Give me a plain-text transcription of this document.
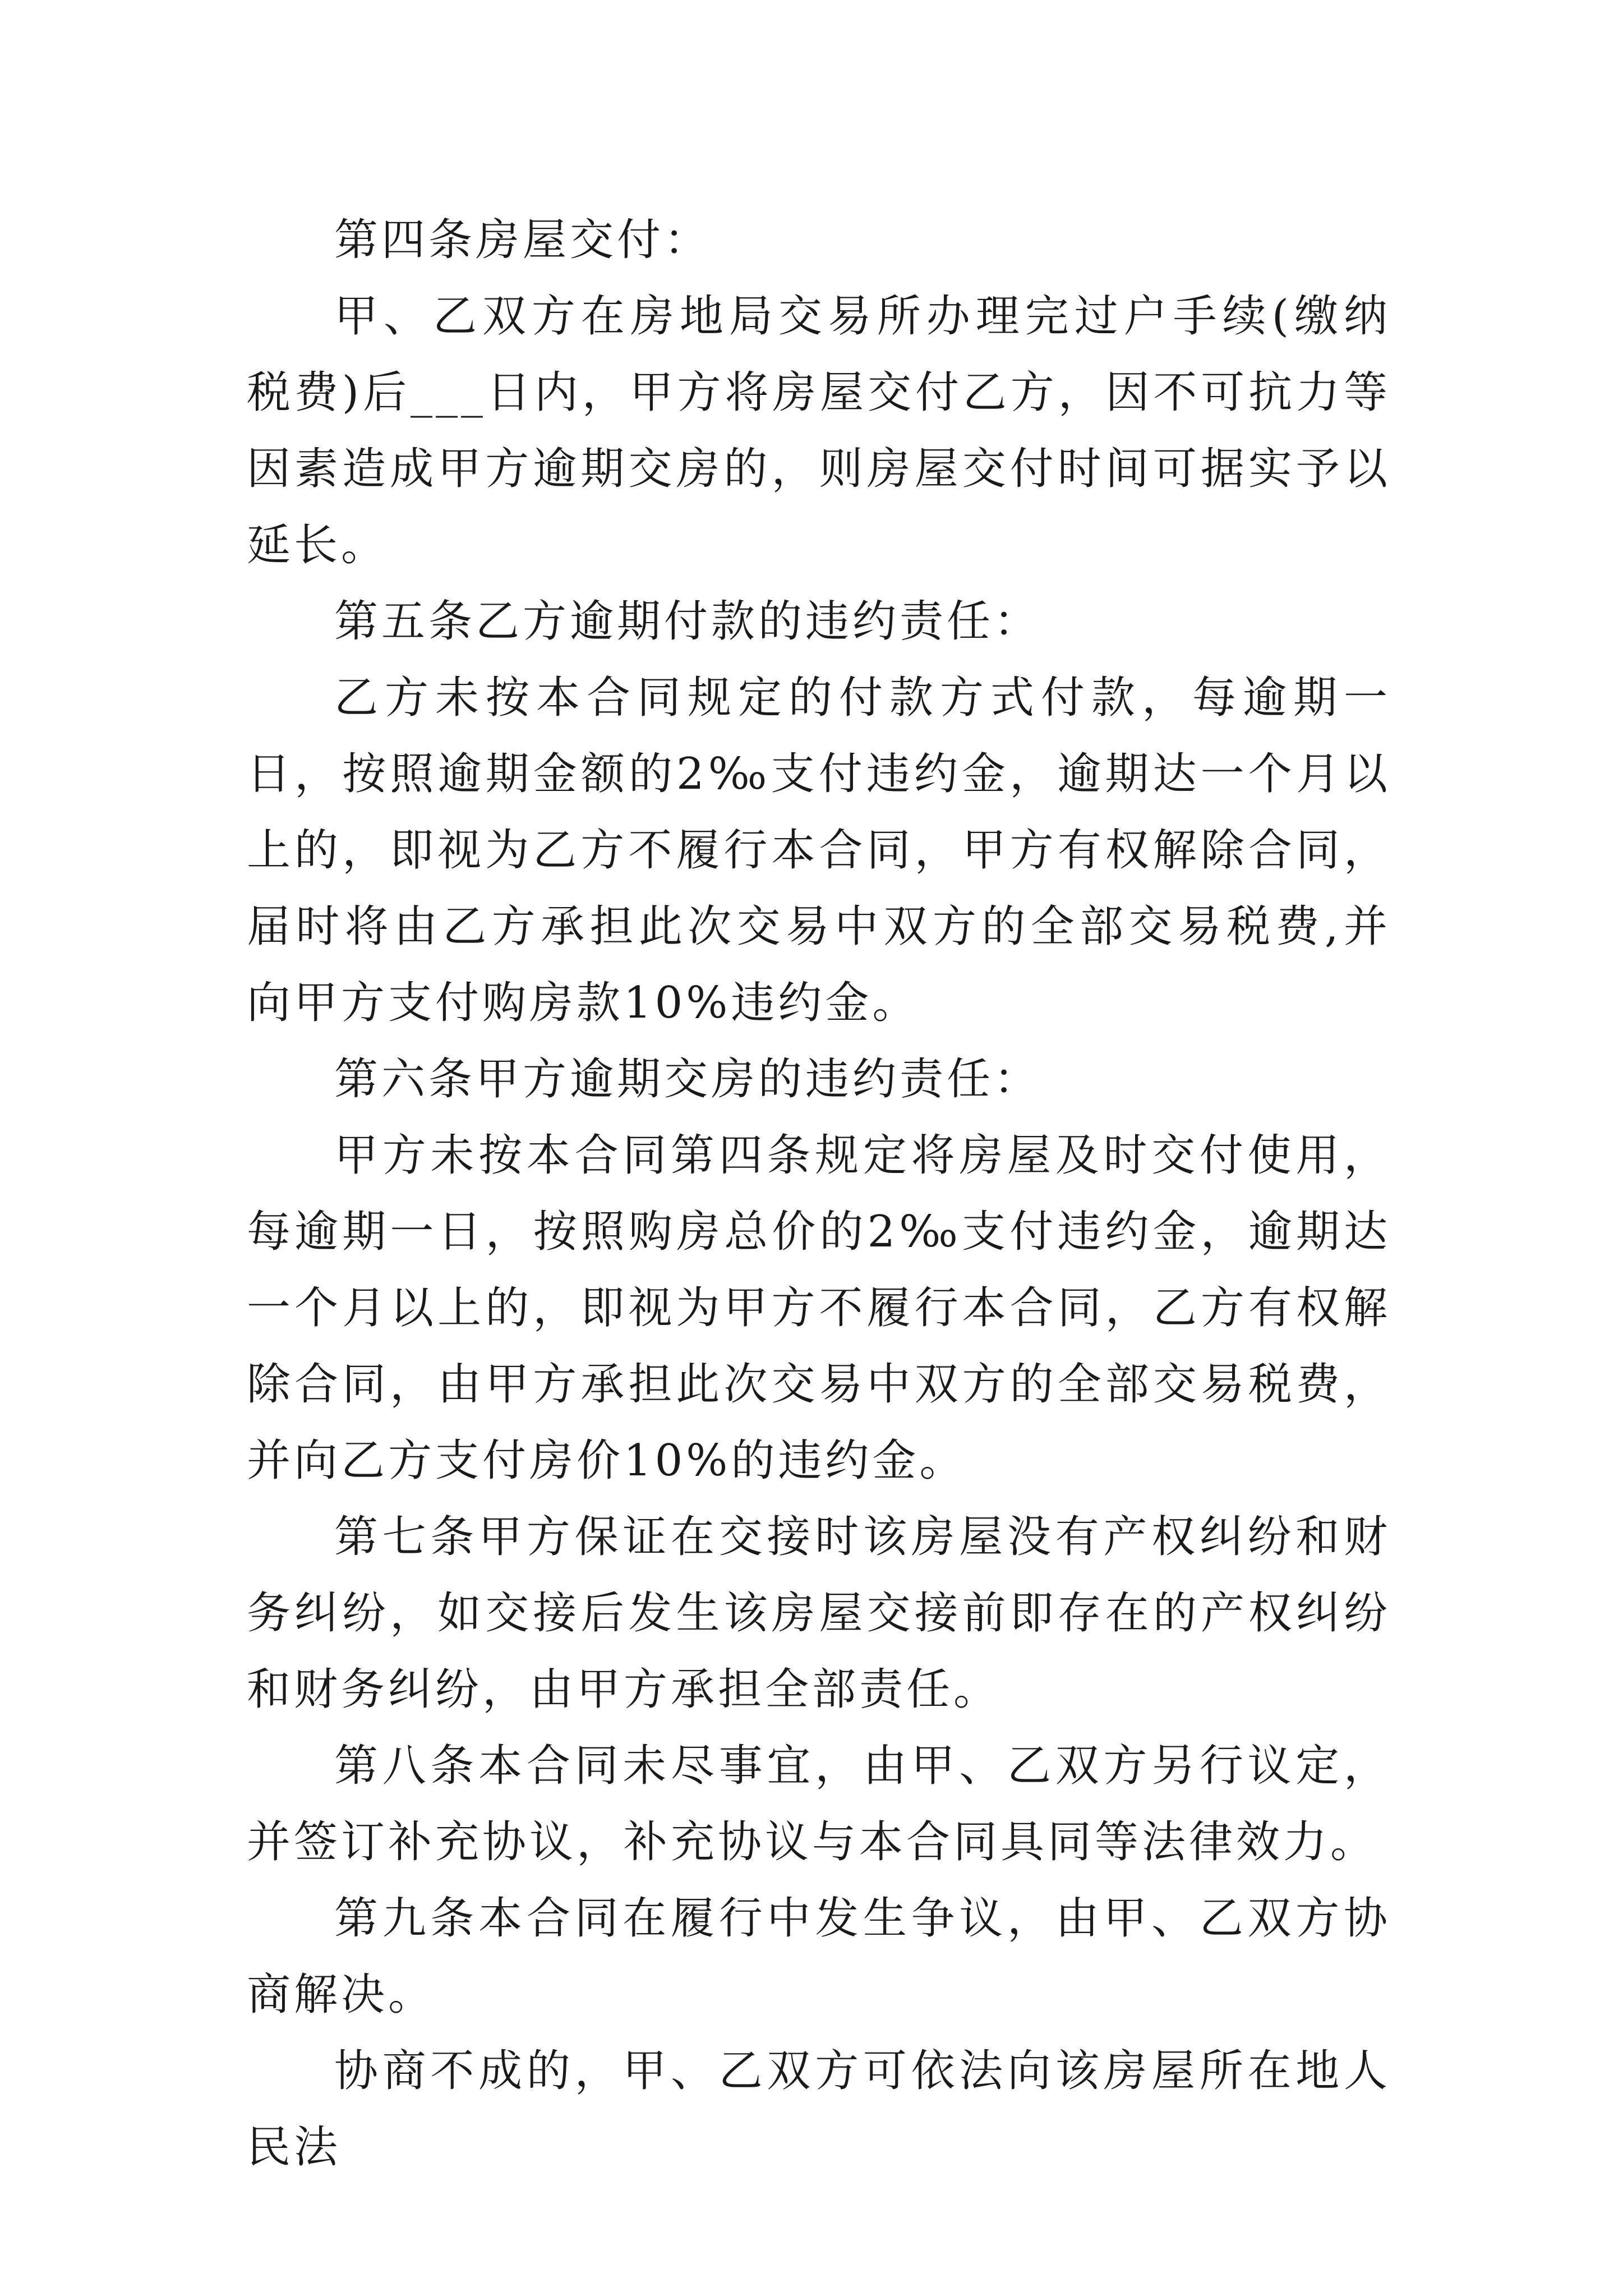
第四条房屋交付：

甲、乙双方在房地局交易所办理完过户手续(缴纳税费)后___日内，甲方将房屋交付乙方，因不可抗力等因素造成甲方逾期交房的，则房屋交付时间可据实予以延长。

第五条乙方逾期付款的违约责任：

乙方未按本合同规定的付款方式付款，每逾期一日，按照逾期金额的2‰支付违约金，逾期达一个月以上的，即视为乙方不履行本合同，甲方有权解除合同，届时将由乙方承担此次交易中双方的全部交易税费,并向甲方支付购房款10%违约金。

第六条甲方逾期交房的违约责任：

甲方未按本合同第四条规定将房屋及时交付使用，每逾期一日，按照购房总价的2‰支付违约金，逾期达一个月以上的，即视为甲方不履行本合同，乙方有权解除合同，由甲方承担此次交易中双方的全部交易税费，并向乙方支付房价10%的违约金。

第七条甲方保证在交接时该房屋没有产权纠纷和财务纠纷，如交接后发生该房屋交接前即存在的产权纠纷和财务纠纷，由甲方承担全部责任。

第八条本合同未尽事宜，由甲、乙双方另行议定，并签订补充协议，补充协议与本合同具同等法律效力。

第九条本合同在履行中发生争议，由甲、乙双方协商解决。

协商不成的，甲、乙双方可依法向该房屋所在地人民法
